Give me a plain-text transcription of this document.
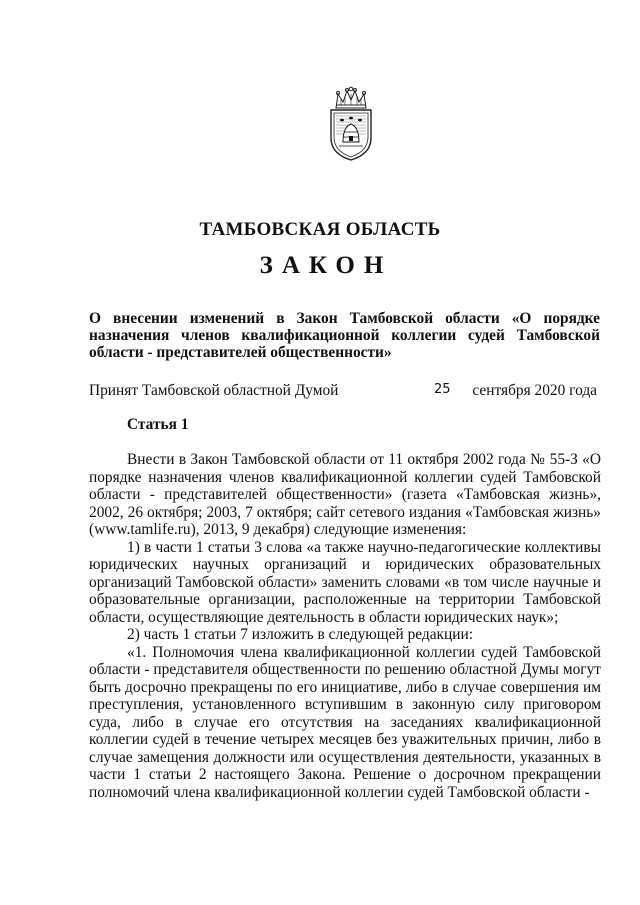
ТАМБОВСКАЯ ОБЛАСТЬ
ЗАКОН

О внесении изменений в Закон Тамбовской области «О порядке назначения членов квалификационной коллегии судей Тамбовской области - представителей общественности»

Принят Тамбовской областной Думой	25 сентября 2020 года
Статья 1

Внести в Закон Тамбовской области от 11 октября 2002 года № 55-З «О порядке назначения членов квалификационной коллегии судей Тамбовской области - представителей общественности» (газета «Тамбовская жизнь», 2002, 26 октября; 2003, 7 октября; сайт сетевого издания «Тамбовская жизнь» (www.tamlife.ru), 2013, 9 декабря) следующие изменения:

1) в части 1 статьи 3 слова «а также научно-педагогические коллективы юридических научных организаций и юридических образовательных организаций Тамбовской области» заменить словами «в том числе научные и образовательные организации, расположенные на территории Тамбовской области, осуществляющие деятельность в области юридических наук»;

2) часть 1 статьи 7 изложить в следующей редакции:

«1. Полномочия члена квалификационной коллегии судей Тамбовской области - представителя общественности по решению областной Думы могут быть досрочно прекращены по его инициативе, либо в случае совершения им преступления, установленного вступившим в законную силу приговором суда, либо в случае его отсутствия на заседаниях квалификационной коллегии судей в течение четырех месяцев без уважительных причин, либо в случае замещения должности или осуществления деятельности, указанных в части 1 статьи 2 настоящего Закона. Решение о досрочном прекращении полномочий члена квалификационной коллегии судей Тамбовской области -
